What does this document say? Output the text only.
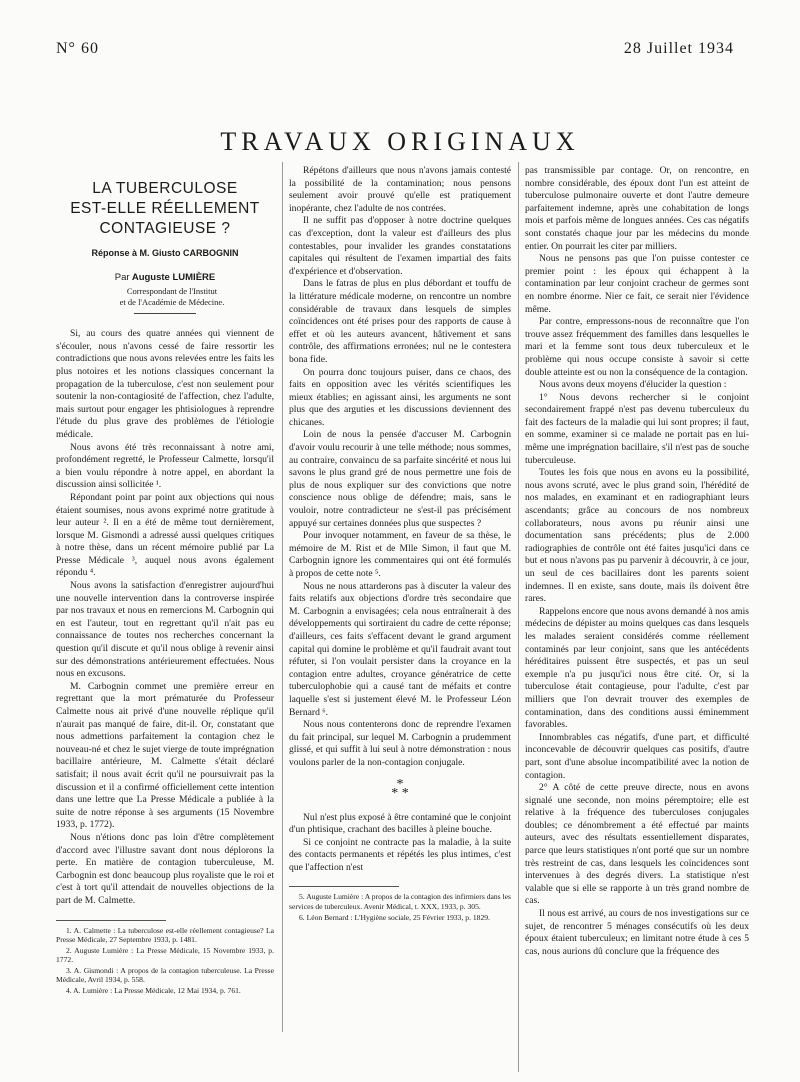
N° 60	28 Juillet 1934
TRAVAUX ORIGINAUX
LA TUBERCULOSE
EST-ELLE RÉELLEMENT
CONTAGIEUSE ?
Réponse à M. Giusto CARBOGNIN
Par Auguste LUMIÈRE

Correspondant de l'Institut

et de l'Académie de Médecine.

Si, au cours des quatre années qui viennent de s'écouler, nous n'avons cessé de faire ressortir les contradictions que nous avons relevées entre les faits les plus notoires et les notions classiques concernant la propagation de la tuberculose, c'est non seulement pour soutenir la non-contagiosité de l'affection, chez l'adulte, mais surtout pour engager les phtisiologues à reprendre l'étude du plus grave des problèmes de l'étiologie médicale.

Nous avons été très reconnaissant à notre ami, profondément regretté, le Professeur Calmette, lorsqu'il a bien voulu répondre à notre appel, en abordant la discussion ainsi sollicitée ¹.

Répondant point par point aux objections qui nous étaient soumises, nous avons exprimé notre gratitude à leur auteur ². Il en a été de même tout dernièrement, lorsque M. Gismondi a adressé aussi quelques critiques à notre thèse, dans un récent mémoire publié par La Presse Médicale ³, auquel nous avons également répondu ⁴.

Nous avons la satisfaction d'enregistrer aujourd'hui une nouvelle intervention dans la controverse inspirée par nos travaux et nous en remercions M. Carbognin qui en est l'auteur, tout en regrettant qu'il n'ait pas eu connaissance de toutes nos recherches concernant la question qu'il discute et qu'il nous oblige à revenir ainsi sur des démonstrations antérieurement effectuées. Nous nous en excusons.

M. Carbognin commet une première erreur en regrettant que la mort prématurée du Professeur Calmette nous ait privé d'une nouvelle réplique qu'il n'aurait pas manqué de faire, dit-il. Or, constatant que nous admettions parfaitement la contagion chez le nouveau-né et chez le sujet vierge de toute imprégnation bacillaire antérieure, M. Calmette s'était déclaré satisfait; il nous avait écrit qu'il ne poursuivrait pas la discussion et il a confirmé officiellement cette intention dans une lettre que La Presse Médicale a publiée à la suite de notre réponse à ses arguments (15 Novembre 1933, p. 1772).

Nous n'étions donc pas loin d'être complètement d'accord avec l'illustre savant dont nous déplorons la perte. En matière de contagion tuberculeuse, M. Carbognin est donc beaucoup plus royaliste que le roi et c'est à tort qu'il attendait de nouvelles objections de la part de M. Calmette.

1. A. Calmette : La tuberculose est-elle réellement contagieuse? La Presse Médicale, 27 Septembre 1933, p. 1481.

2. Auguste Lumière : La Presse Médicale, 15 Novembre 1933, p. 1772.

3. A. Gismondi : A propos de la contagion tuberculeuse. La Presse Médicale, Avril 1934, p. 558.

4. A. Lumière : La Presse Médicale, 12 Mai 1934, p. 761.

Répétons d'ailleurs que nous n'avons jamais contesté la possibilité de la contamination; nous pensons seulement avoir prouvé qu'elle est pratiquement inopérante, chez l'adulte de nos contrées.

Il ne suffit pas d'opposer à notre doctrine quelques cas d'exception, dont la valeur est d'ailleurs des plus contestables, pour invalider les grandes constatations capitales qui résultent de l'examen impartial des faits d'expérience et d'observation.

Dans le fatras de plus en plus débordant et touffu de la littérature médicale moderne, on rencontre un nombre considérable de travaux dans lesquels de simples coïncidences ont été prises pour des rapports de cause à effet et où les auteurs avancent, hâtivement et sans contrôle, des affirmations erronées; nul ne le contestera bona fide.

On pourra donc toujours puiser, dans ce chaos, des faits en opposition avec les vérités scientifiques les mieux établies; en agissant ainsi, les arguments ne sont plus que des arguties et les discussions deviennent des chicanes.

Loin de nous la pensée d'accuser M. Carbognin d'avoir voulu recourir à une telle méthode; nous sommes, au contraire, convaincu de sa parfaite sincérité et nous lui savons le plus grand gré de nous permettre une fois de plus de nous expliquer sur des convictions que notre conscience nous oblige de défendre; mais, sans le vouloir, notre contradicteur ne s'est-il pas précisément appuyé sur certaines données plus que suspectes ?

Pour invoquer notamment, en faveur de sa thèse, le mémoire de M. Rist et de Mlle Simon, il faut que M. Carbognin ignore les commentaires qui ont été formulés à propos de cette note ⁵.

Nous ne nous attarderons pas à discuter la valeur des faits relatifs aux objections d'ordre très secondaire que M. Carbognin a envisagées; cela nous entraînerait à des développements qui sortiraient du cadre de cette réponse; d'ailleurs, ces faits s'effacent devant le grand argument capital qui domine le problème et qu'il faudrait avant tout réfuter, si l'on voulait persister dans la croyance en la contagion entre adultes, croyance génératrice de cette tuberculophobie qui a causé tant de méfaits et contre laquelle s'est si justement élevé M. le Professeur Léon Bernard ⁶.

Nous nous contenterons donc de reprendre l'examen du fait principal, sur lequel M. Carbognin a prudemment glissé, et qui suffit à lui seul à notre démonstration : nous voulons parler de la non-contagion conjugale.

*
* *

Nul n'est plus exposé à être contaminé que le conjoint d'un phtisique, crachant des bacilles à pleine bouche.

Si ce conjoint ne contracte pas la maladie, à la suite des contacts permanents et répétés les plus intimes, c'est que l'affection n'est

5. Auguste Lumière : A propos de la contagion des infirmiers dans les services de tuberculeux. Avenir Médical, t. XXX, 1933, p. 305.

6. Léon Bernard : L'Hygiène sociale, 25 Février 1933, p. 1829.

pas transmissible par contage. Or, on rencontre, en nombre considérable, des époux dont l'un est atteint de tuberculose pulmonaire ouverte et dont l'autre demeure parfaitement indemne, après une cohabitation de longs mois et parfois même de longues années. Ces cas négatifs sont constatés chaque jour par les médecins du monde entier. On pourrait les citer par milliers.

Nous ne pensons pas que l'on puisse contester ce premier point : les époux qui échappent à la contamination par leur conjoint cracheur de germes sont en nombre énorme. Nier ce fait, ce serait nier l'évidence même.

Par contre, empressons-nous de reconnaître que l'on trouve assez fréquemment des familles dans lesquelles le mari et la femme sont tous deux tuberculeux et le problème qui nous occupe consiste à savoir si cette double atteinte est ou non la conséquence de la contagion.

Nous avons deux moyens d'élucider la question :

1° Nous devons rechercher si le conjoint secondairement frappé n'est pas devenu tuberculeux du fait des facteurs de la maladie qui lui sont propres; il faut, en somme, examiner si ce malade ne portait pas en lui-même une imprégnation bacillaire, s'il n'est pas de souche tuberculeuse.

Toutes les fois que nous en avons eu la possibilité, nous avons scruté, avec le plus grand soin, l'hérédité de nos malades, en examinant et en radiographiant leurs ascendants; grâce au concours de nos nombreux collaborateurs, nous avons pu réunir ainsi une documentation sans précédents; plus de 2.000 radiographies de contrôle ont été faites jusqu'ici dans ce but et nous n'avons pas pu parvenir à découvrir, à ce jour, un seul de ces bacillaires dont les parents soient indemnes. Il en existe, sans doute, mais ils doivent être rares.

Rappelons encore que nous avons demandé à nos amis médecins de dépister au moins quelques cas dans lesquels les malades seraient considérés comme réellement contaminés par leur conjoint, sans que les antécédents héréditaires puissent être suspectés, et pas un seul exemple n'a pu jusqu'ici nous être cité. Or, si la tuberculose était contagieuse, pour l'adulte, c'est par milliers que l'on devrait trouver des exemples de contamination, dans des conditions aussi éminemment favorables.

Innombrables cas négatifs, d'une part, et difficulté inconcevable de découvrir quelques cas positifs, d'autre part, sont d'une absolue incompatibilité avec la notion de contagion.

2° A côté de cette preuve directe, nous en avons signalé une seconde, non moins péremptoire; elle est relative à la fréquence des tuberculoses conjugales doubles; ce dénombrement a été effectué par maints auteurs, avec des résultats essentiellement disparates, parce que leurs statistiques n'ont porté que sur un nombre très restreint de cas, dans lesquels les coïncidences sont intervenues à des degrés divers. La statistique n'est valable que si elle se rapporte à un très grand nombre de cas.

Il nous est arrivé, au cours de nos investigations sur ce sujet, de rencontrer 5 ménages consécutifs où les deux époux étaient tuberculeux; en limitant notre étude à ces 5 cas, nous aurions dû conclure que la fréquence des
